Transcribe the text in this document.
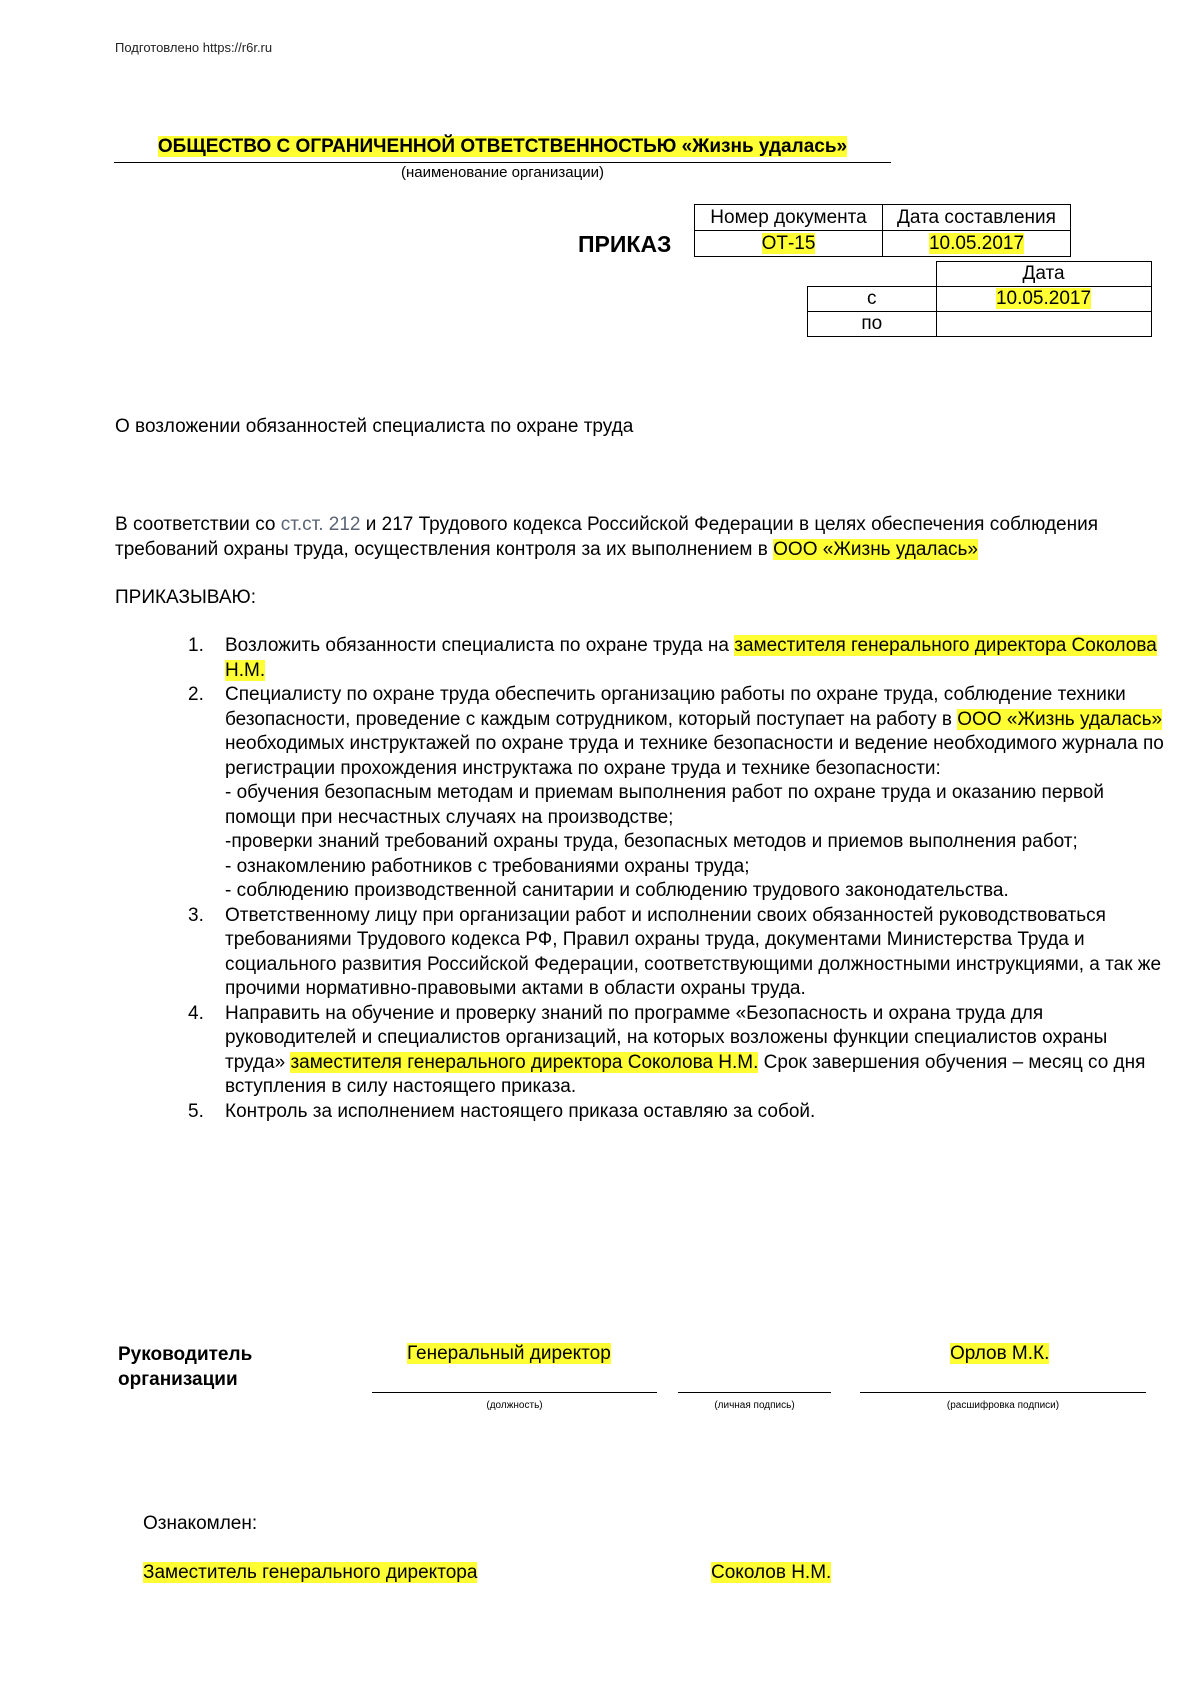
Подготовлено https://r6r.ru
ОБЩЕСТВО С ОГРАНИЧЕННОЙ ОТВЕТСТВЕННОСТЬЮ «Жизнь удалась»
(наименование организации)
ПРИКАЗ
Номер документа	Дата составления
ОТ-15	10.05.2017
	Дата
с	10.05.2017
по	
О возложении обязанностей специалиста по охране труда
В соответствии со ст.ст. 212 и 217 Трудового кодекса Российской Федерации в целях обеспечения соблюдения требований охраны труда, осуществления контроля за их выполнением в ООО «Жизнь удалась»
ПРИКАЗЫВАЮ:
1. Возложить обязанности специалиста по охране труда на заместителя генерального директора Соколова Н.М.
2. Специалисту по охране труда обеспечить организацию работы по охране труда, соблюдение техники безопасности, проведение с каждым сотрудником, который поступает на работу в ООО «Жизнь удалась» необходимых инструктажей по охране труда и технике безопасности и ведение необходимого журнала по регистрации прохождения инструктажа по охране труда и технике безопасности:
- обучения безопасным методам и приемам выполнения работ по охране труда и оказанию первой помощи при несчастных случаях на производстве;
-проверки знаний требований охраны труда, безопасных методов и приемов выполнения работ;
- ознакомлению работников с требованиями охраны труда;
- соблюдению производственной санитарии и соблюдению трудового законодательства.
3. Ответственному лицу при организации работ и исполнении своих обязанностей руководствоваться требованиями Трудового кодекса РФ, Правил охраны труда, документами Министерства Труда и социального развития Российской Федерации, соответствующими должностными инструкциями, а так же прочими нормативно-правовыми актами в области охраны труда.
4. Направить на обучение и проверку знаний по программе «Безопасность и охрана труда для руководителей и специалистов организаций, на которых возложены функции специалистов охраны труда» заместителя генерального директора Соколова Н.М. Срок завершения обучения – месяц со дня вступления в силу настоящего приказа.
5. Контроль за исполнением настоящего приказа оставляю за собой.
Руководитель
организации
Генеральный директор	Орлов М.К.
(должность)	(личная подпись)	(расшифровка подписи)
Ознакомлен:
Заместитель генерального директора	Соколов Н.М.
